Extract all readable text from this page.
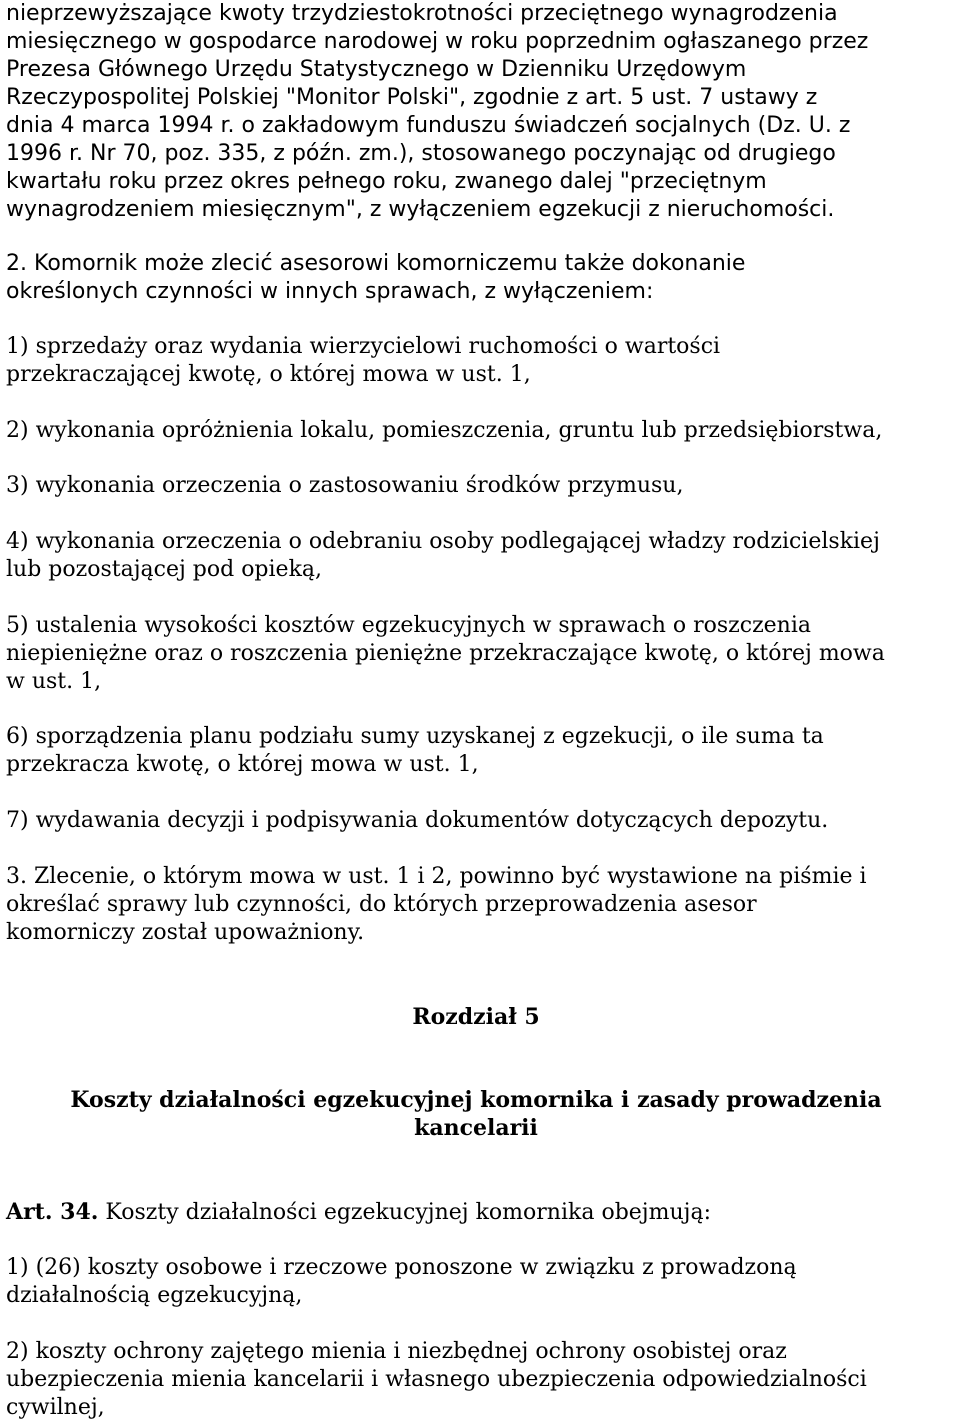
nieprzewyższające kwoty trzydziestokrotności przeciętnego wynagrodzenia
miesięcznego w gospodarce narodowej w roku poprzednim ogłaszanego przez
Prezesa Głównego Urzędu Statystycznego w Dzienniku Urzędowym
Rzeczypospolitej Polskiej "Monitor Polski", zgodnie z art. 5 ust. 7 ustawy z
dnia 4 marca 1994 r. o zakładowym funduszu świadczeń socjalnych (Dz. U. z
1996 r. Nr 70, poz. 335, z późn. zm.), stosowanego poczynając od drugiego
kwartału roku przez okres pełnego roku, zwanego dalej "przeciętnym
wynagrodzeniem miesięcznym", z wyłączeniem egzekucji z nieruchomości.
2. Komornik może zlecić asesorowi komorniczemu także dokonanie
określonych czynności w innych sprawach, z wyłączeniem:
1) sprzedaży oraz wydania wierzycielowi ruchomości o wartości
przekraczającej kwotę, o której mowa w ust. 1,
2) wykonania opróżnienia lokalu, pomieszczenia, gruntu lub przedsiębiorstwa,
3) wykonania orzeczenia o zastosowaniu środków przymusu,
4) wykonania orzeczenia o odebraniu osoby podlegającej władzy rodzicielskiej
lub pozostającej pod opieką,
5) ustalenia wysokości kosztów egzekucyjnych w sprawach o roszczenia
niepieniężne oraz o roszczenia pieniężne przekraczające kwotę, o której mowa
w ust. 1,
6) sporządzenia planu podziału sumy uzyskanej z egzekucji, o ile suma ta
przekracza kwotę, o której mowa w ust. 1,
7) wydawania decyzji i podpisywania dokumentów dotyczących depozytu.
3. Zlecenie, o którym mowa w ust. 1 i 2, powinno być wystawione na piśmie i
określać sprawy lub czynności, do których przeprowadzenia asesor
komorniczy został upoważniony.
Rozdział 5
Koszty działalności egzekucyjnej komornika i zasady prowadzenia
kancelarii
Art. 34. Koszty działalności egzekucyjnej komornika obejmują:
1) (26) koszty osobowe i rzeczowe ponoszone w związku z prowadzoną
działalnością egzekucyjną,
2) koszty ochrony zajętego mienia i niezbędnej ochrony osobistej oraz
ubezpieczenia mienia kancelarii i własnego ubezpieczenia odpowiedzialności
cywilnej,
